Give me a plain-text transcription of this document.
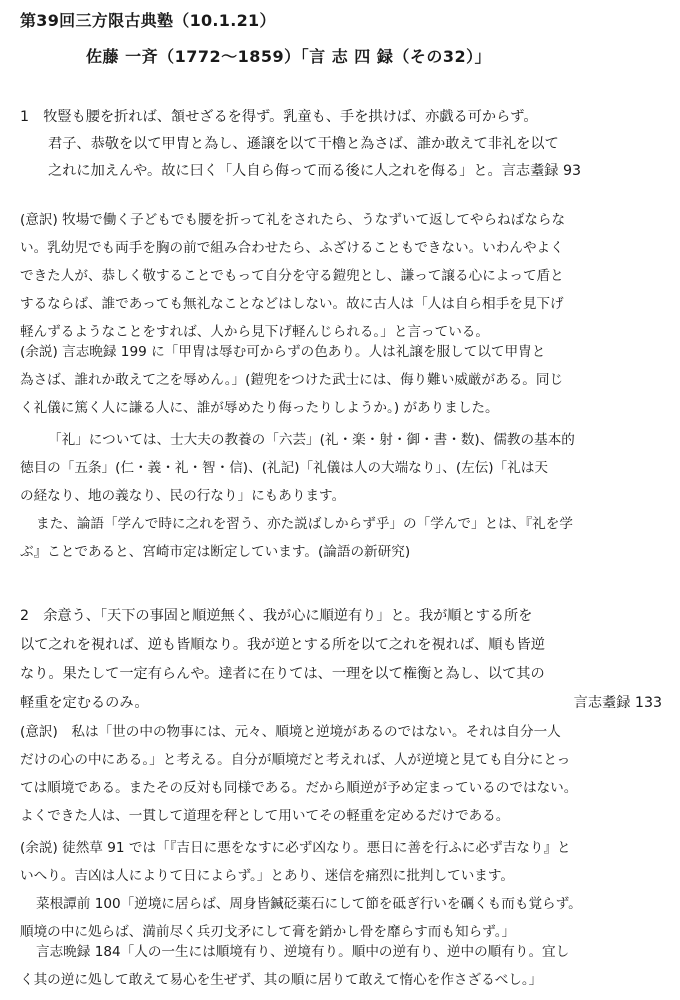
第39回三方限古典塾（10.1.21）
佐藤 一斉（1772〜1859）「言 志 四 録（その32）」
1　牧豎も腰を折れば、頷せざるを得ず。乳童も、手を拱けば、亦戯る可からず。
君子、恭敬を以て甲冑と為し、遜譲を以て干櫓と為さば、誰か敢えて非礼を以て
之れに加えんや。故に曰く「人自ら侮って而る後に人之れを侮る」と。言志耋録 93
(意訳) 牧場で働く子どもでも腰を折って礼をされたら、うなずいて返してやらねばならな
い。乳幼児でも両手を胸の前で組み合わせたら、ふざけることもできない。いわんやよく
できた人が、恭しく敬することでもって自分を守る鎧兜とし、謙って譲る心によって盾と
するならば、誰であっても無礼なことなどはしない。故に古人は「人は自ら相手を見下げ
軽んずるようなことをすれば、人から見下げ軽んじられる。」と言っている。
(余説) 言志晩録 199 に「甲冑は辱む可からずの色あり。人は礼譲を服して以て甲冑と
為さば、誰れか敢えて之を辱めん。」(鎧兜をつけた武士には、侮り難い威厳がある。同じ
く礼儀に篤く人に謙る人に、誰が辱めたり侮ったりしようか。) がありました。
「礼」については、士大夫の教養の「六芸」(礼・楽・射・御・書・数)、儒教の基本的
徳目の「五条」(仁・義・礼・智・信)、(礼記)「礼儀は人の大端なり」、(左伝)「礼は天
の経なり、地の義なり、民の行なり」にもあります。
また、論語「学んで時に之れを習う、亦た説ばしからず乎」の「学んで」とは、『礼を学
ぶ』ことであると、宮崎市定は断定しています。(論語の新研究)
2　余意う、「天下の事固と順逆無く、我が心に順逆有り」と。我が順とする所を
以て之れを視れば、逆も皆順なり。我が逆とする所を以て之れを視れば、順も皆逆
なり。果たして一定有らんや。達者に在りては、一理を以て権衡と為し、以て其の
軽重を定むるのみ。	言志耋録 133
(意訳)　私は「世の中の物事には、元々、順境と逆境があるのではない。それは自分一人
だけの心の中にある。」と考える。自分が順境だと考えれば、人が逆境と見ても自分にとっ
ては順境である。またその反対も同様である。だから順逆が予め定まっているのではない。
よくできた人は、一貫して道理を秤として用いてその軽重を定めるだけである。
(余説) 徒然草 91 では「『吉日に悪をなすに必ず凶なり。悪日に善を行ふに必ず吉なり』と
いへり。吉凶は人によりて日によらず。」とあり、迷信を痛烈に批判しています。
菜根譚前 100「逆境に居らば、周身皆鍼砭薬石にして節を砥ぎ行いを礪くも而も覚らず。
順境の中に処らば、満前尽く兵刃戈矛にして膏を銷かし骨を靡らす而も知らず。」
言志晩録 184「人の一生には順境有り、逆境有り。順中の逆有り、逆中の順有り。宜し
く其の逆に処して敢えて易心を生ぜず、其の順に居りて敢えて惰心を作さざるべし。」
